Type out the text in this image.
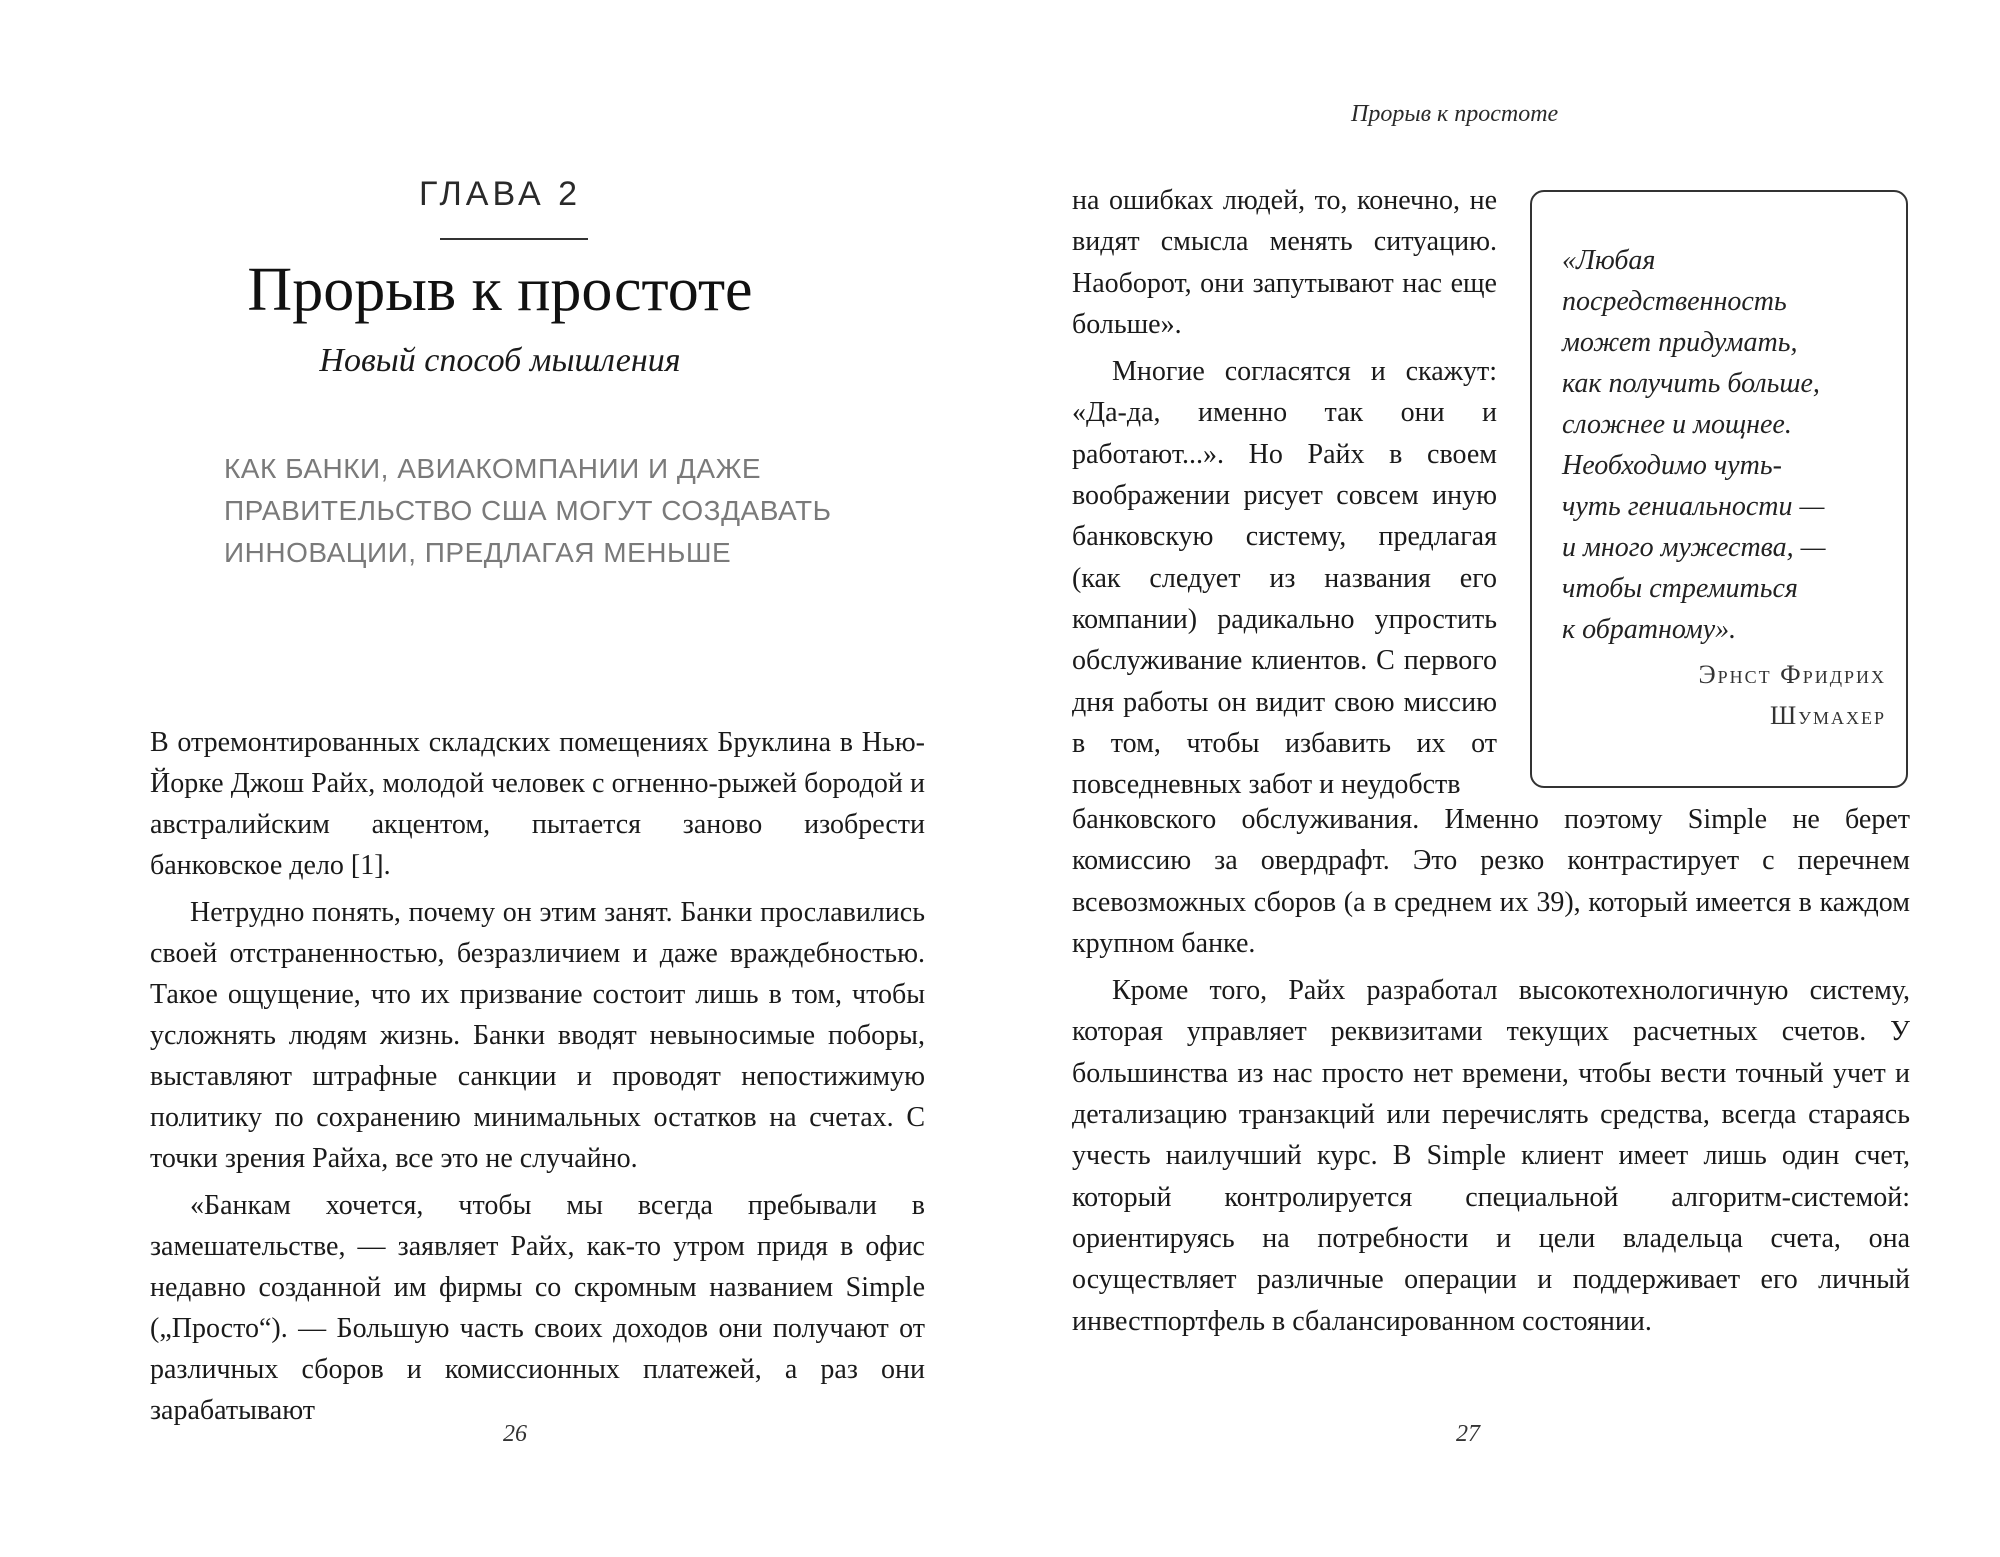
ГЛАВА 2
Прорыв к простоте
Новый способ мышления
КАК БАНКИ, АВИАКОМПАНИИ И ДАЖЕ ПРАВИТЕЛЬСТВО США МОГУТ СОЗДАВАТЬ ИННОВАЦИИ, ПРЕДЛАГАЯ МЕНЬШЕ

В отремонтированных складских помещениях Бруклина в Нью-Йорке Джош Райх, молодой человек с огненно-рыжей бородой и австралийским акцентом, пытается заново изобрести банковское дело [1].

Нетрудно понять, почему он этим занят. Банки прославились своей отстраненностью, безразличием и даже враждебностью. Такое ощущение, что их призвание состоит лишь в том, чтобы усложнять людям жизнь. Банки вводят невыносимые поборы, выставляют штрафные санкции и проводят непостижимую политику по сохранению минимальных остатков на счетах. С точки зрения Райха, все это не случайно.

«Банкам хочется, чтобы мы всегда пребывали в замешательстве, — заявляет Райх, как-то утром придя в офис недавно созданной им фирмы со скромным названием Simple („Просто“). — Большую часть своих доходов они получают от различных сборов и комиссионных платежей, а раз они зарабатывают

26
Прорыв к простоте

на ошибках людей, то, конечно, не видят смысла менять ситуацию. Наоборот, они запутывают нас еще больше».

Многие согласятся и скажут: «Да-да, именно так они и работают...». Но Райх в своем воображении рисует совсем иную банковскую систему, предлагая (как следует из названия его компании) радикально упростить обслуживание клиентов. С первого дня работы он видит свою миссию в том, чтобы избавить их от повседневных забот и неудобств

«Любая
посредственность
может придумать,
как получить больше,
сложнее и мощнее.
Необходимо чуть-
чуть гениальности —
и много мужества, —
чтобы стремиться
к обратному».
Эрнст Фридрих
Шумахер

банковского обслуживания. Именно поэтому Simple не берет комиссию за овердрафт. Это резко контрастирует с перечнем всевозможных сборов (а в среднем их 39), который имеется в каждом крупном банке.

Кроме того, Райх разработал высокотехнологичную систему, которая управляет реквизитами текущих расчетных счетов. У большинства из нас просто нет времени, чтобы вести точный учет и детализацию транзакций или перечислять средства, всегда стараясь учесть наилучший курс. В Simple клиент имеет лишь один счет, который контролируется специальной алгоритм-системой: ориентируясь на потребности и цели владельца счета, она осуществляет различные операции и поддерживает его личный инвестпортфель в сбалансированном состоянии.

27
